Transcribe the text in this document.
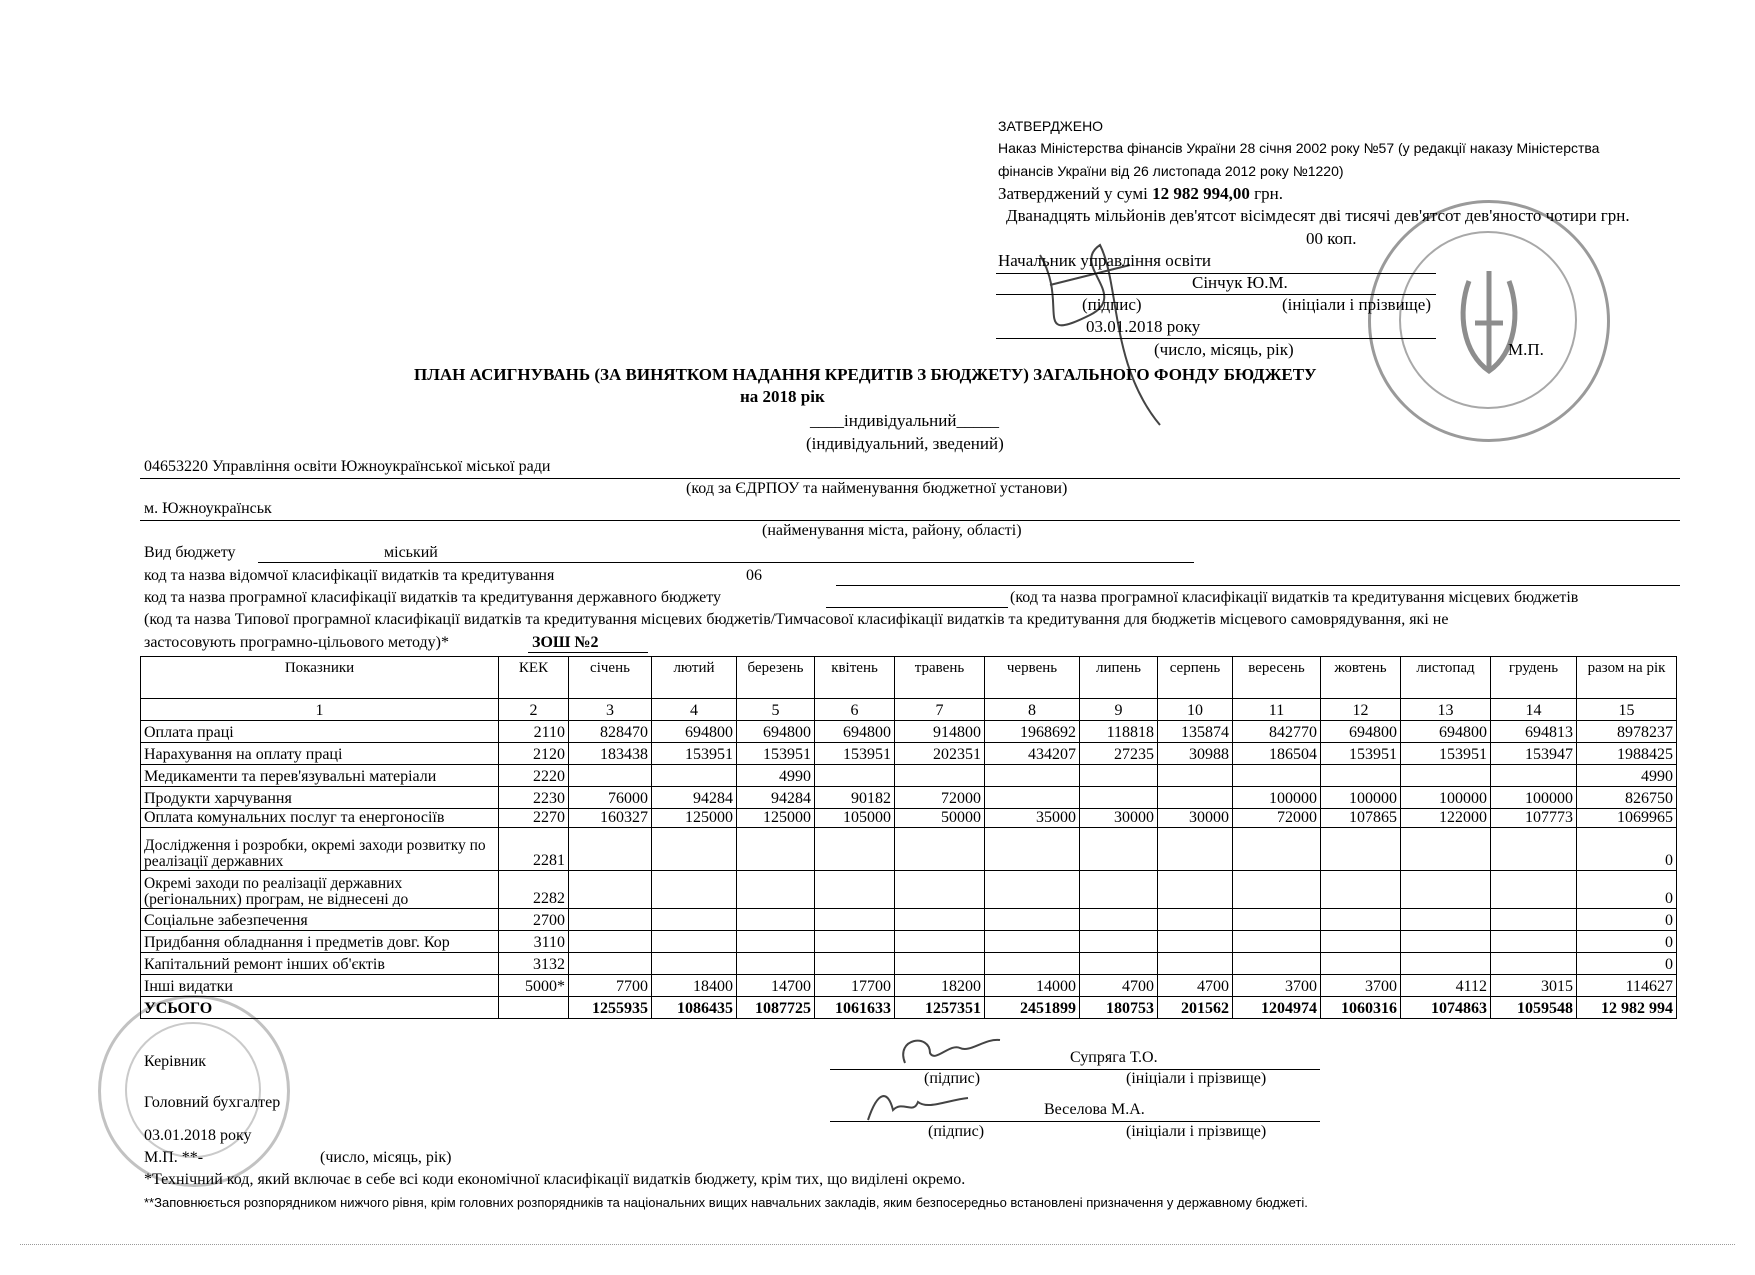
ЗАТВЕРДЖЕНО
Наказ Міністерства фінансів України 28 січня 2002 року №57 (у редакції наказу Міністерства
фінансів України від 26 листопада 2012 року №1220)
Затверджений у сумі 12 982 994,00 грн.
Дванадцять мільйонів дев'ятсот вісімдесят дві тисячі дев'ятсот дев'яносто чотири грн.
00 коп.
Начальник управління освіти
Сінчук Ю.М.
(підпис)	(ініціали і прізвище)
03.01.2018 року
(число, місяць, рік)	М.П.
ПЛАН АСИГНУВАНЬ (ЗА ВИНЯТКОМ НАДАННЯ КРЕДИТІВ З БЮДЖЕТУ) ЗАГАЛЬНОГО ФОНДУ БЮДЖЕТУ
на 2018 рік
____індивідуальний_____
(індивідуальний, зведений)
04653220 Управління освіти Южноукраїнської міської ради
(код за ЄДРПОУ та найменування бюджетної установи)
м. Южноукраїнськ
(найменування міста, району, області)
Вид бюджету	міський
код та назва відомчої класифікації видатків та кредитування	06
код та назва програмної класифікації видатків та кредитування державного бюджету	(код та назва програмної класифікації видатків та кредитування місцевих бюджетів
(код та назва Типової програмної класифікації видатків та кредитування місцевих бюджетів/Тимчасової класифікації видатків та кредитування для бюджетів місцевого самоврядування, які не
застосовують програмно-цільового методу)*	ЗОШ №2
Показники	КЕК	січень	лютий	березень	квітень	травень	червень	липень	серпень	вересень	жовтень	листопад	грудень	разом на рік
1	2	3	4	5	6	7	8	9	10	11	12	13	14	15
Оплата праці	2110	828470	694800	694800	694800	914800	1968692	118818	135874	842770	694800	694800	694813	8978237
Нарахування на оплату праці	2120	183438	153951	153951	153951	202351	434207	27235	30988	186504	153951	153951	153947	1988425
Медикаменти та перев'язувальні матеріали	2220			4990										4990
Продукти харчування	2230	76000	94284	94284	90182	72000				100000	100000	100000	100000	826750
Оплата комунальних послуг та енергоносіїв	2270	160327	125000	125000	105000	50000	35000	30000	30000	72000	107865	122000	107773	1069965
Дослідження і розробки, окремі заходи розвитку по реалізації державних	2281													0
Окремі заходи по реалізації державних (регіональних) програм, не віднесені до	2282													0
Соціальне забезпечення	2700													0
Придбання обладнання і предметів довг. Кор	3110													0
Капітальний ремонт інших об'єктів	3132													0
Інші видатки	5000*	7700	18400	14700	17700	18200	14000	4700	4700	3700	3700	4112	3015	114627
УСЬОГО		1255935	1086435	1087725	1061633	1257351	2451899	180753	201562	1204974	1060316	1074863	1059548	12 982 994
Керівник	Супряга Т.О.
(підпис)	(ініціали і прізвище)
Головний бухгалтер	Веселова М.А.
(підпис)	(ініціали і прізвище)
03.01.2018 року
М.П. **-	(число, місяць, рік)
*Технічний код, який включає в себе всі коди економічної класифікації видатків бюджету, крім тих, що виділені окремо.
**Заповнюється розпорядником нижчого рівня, крім головних розпорядників та національних вищих навчальних закладів, яким безпосередньо встановлені призначення у державному бюджеті.
